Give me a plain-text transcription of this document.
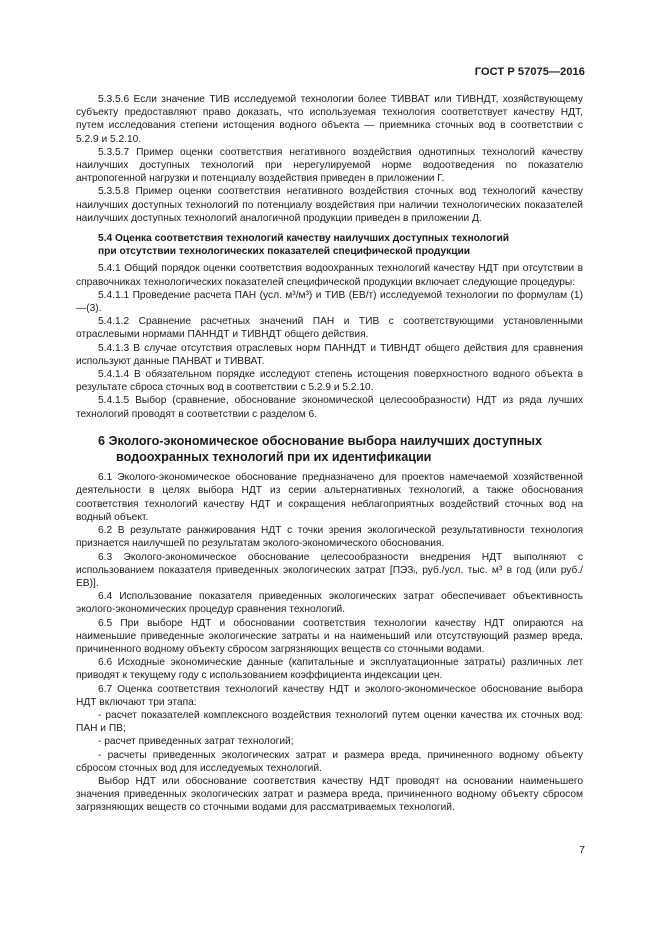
ГОСТ Р 57075—2016

5.3.5.6 Если значение ТИВ исследуемой технологии более ТИВВАТ или ТИВНДТ, хозяйствующему субъекту предоставляют право доказать, что используемая технология соответствует качеству НДТ, путем исследования степени истощения водного объекта — приемника сточных вод в соответствии с 5.2.9 и 5.2.10.

5.3.5.7 Пример оценки соответствия негативного воздействия однотипных технологий качеству наилучших доступных технологий при нерегулируемой норме водоотведения по показателю антропогенной нагрузки и потенциалу воздействия приведен в приложении Г.

5.3.5.8 Пример оценки соответствия негативного воздействия сточных вод технологий качеству наилучших доступных технологий по потенциалу воздействия при наличии технологических показателей наилучших доступных технологий аналогичной продукции приведен в приложении Д.

5.4 Оценка соответствия технологий качеству наилучших доступных технологий
при отсутствии технологических показателей специфической продукции

5.4.1 Общий порядок оценки соответствия водоохранных технологий качеству НДТ при отсутствии в справочниках технологических показателей специфической продукции включает следующие процедуры:

5.4.1.1 Проведение расчета ПАН (усл. м³/м³) и ТИВ (ЕВ/т) исследуемой технологии по формулам (1)—(3).

5.4.1.2 Сравнение расчетных значений ПАН и ТИВ с соответствующими установленными отраслевыми нормами ПАННДТ и ТИВНДТ общего действия.

5.4.1.3 В случае отсутствия отраслевых норм ПАННДТ и ТИВНДТ общего действия для сравнения используют данные ПАНВАТ и ТИВВАТ.

5.4.1.4 В обязательном порядке исследуют степень истощения поверхностного водного объекта в результате сброса сточных вод в соответствии с 5.2.9 и 5.2.10.

5.4.1.5 Выбор (сравнение, обоснование экономической целесообразности) НДТ из ряда лучших технологий проводят в соответствии с разделом 6.

6 Эколого-экономическое обоснование выбора наилучших доступных
водоохранных технологий при их идентификации

6.1 Эколого-экономическое обоснование предназначено для проектов намечаемой хозяйственной деятельности в целях выбора НДТ из серии альтернативных технологий, а также обоснования соответствия технологий качеству НДТ и сокращения неблагоприятных воздействий сточных вод на водный объект.

6.2 В результате ранжирования НДТ с точки зрения экологической результативности технология признается наилучшей по результатам эколого-экономического обоснования.

6.3 Эколого-экономическое обоснование целесообразности внедрения НДТ выполняют с использованием показателя приведенных экологических затрат [ПЭЗᵢ, руб./усл. тыс. м³ в год (или руб./ЕВ)].

6.4 Использование показателя приведенных экологических затрат обеспечивает объективность эколого-экономических процедур сравнения технологий.

6.5 При выборе НДТ и обосновании соответствия технологии качеству НДТ опираются на наименьшие приведенные экологические затраты и на наименьший или отсутствующий размер вреда, причиненного водному объекту сбросом загрязняющих веществ со сточными водами.

6.6 Исходные экономические данные (капитальные и эксплуатационные затраты) различных лет приводят к текущему году с использованием коэффициента индексации цен.

6.7 Оценка соответствия технологий качеству НДТ и эколого-экономическое обоснование выбора НДТ включают три этапа:

- расчет показателей комплексного воздействия технологий путем оценки качества их сточных вод: ПАН и ПВ;

- расчет приведенных затрат технологий;

- расчеты приведенных экологических затрат и размера вреда, причиненного водному объекту сбросом сточных вод для исследуемых технологий.

Выбор НДТ или обоснование соответствия качеству НДТ проводят на основании наименьшего значения приведенных экологических затрат и размера вреда, причиненного водному объекту сбросом загрязняющих веществ со сточными водами для рассматриваемых технологий.

7
